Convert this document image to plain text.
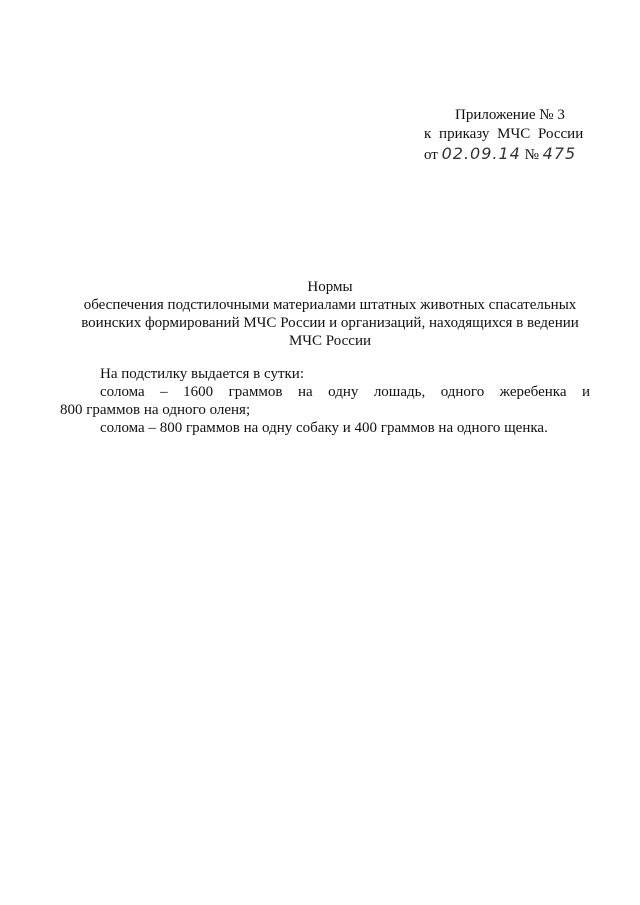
Приложение № 3
к приказу МЧС России
от 02.09.14 № 475
Нормы
обеспечения подстилочными материалами штатных животных спасательных
воинских формирований МЧС России и организаций, находящихся в ведении
МЧС России

На подстилку выдается в сутки:

солома – 1600 граммов на одну лошадь, одного жеребенка и

800 граммов на одного оленя;

солома – 800 граммов на одну собаку и 400 граммов на одного щенка.
